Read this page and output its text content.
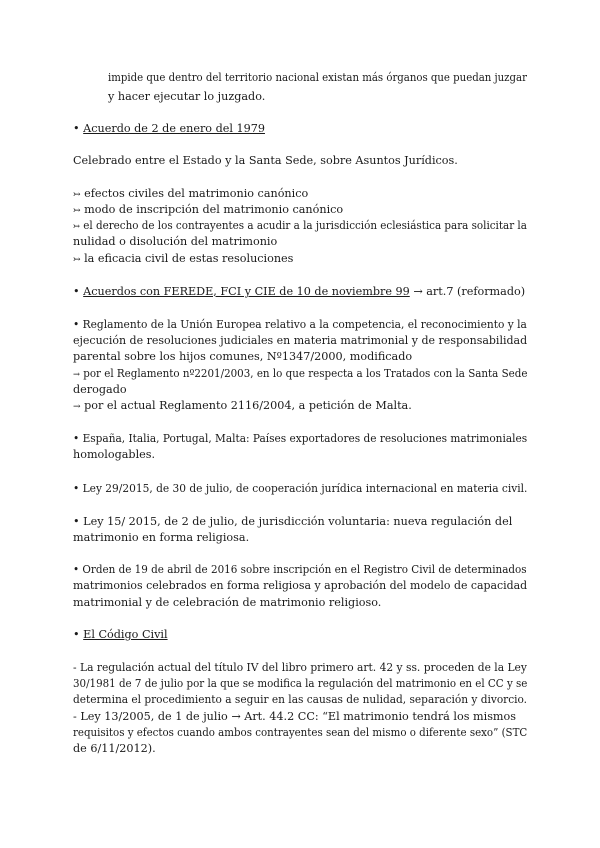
impide que dentro del territorio nacional existan más órganos que puedan juzgar
y hacer ejecutar lo juzgado.
• Acuerdo de 2 de enero del 1979
Celebrado entre el Estado y la Santa Sede, sobre Asuntos Jurídicos.
↣ efectos civiles del matrimonio canónico
↣ modo de inscripción del matrimonio canónico
↣ el derecho de los contrayentes a acudir a la jurisdicción eclesiástica para solicitar la
nulidad o disolución del matrimonio
↣ la eficacia civil de estas resoluciones
• Acuerdos con FEREDE, FCI y CIE de 10 de noviembre 99 → art.7 (reformado)
• Reglamento de la Unión Europea relativo a la competencia, el reconocimiento y la
ejecución de resoluciones judiciales en materia matrimonial y de responsabilidad
parental sobre los hijos comunes, Nº1347/2000, modificado
→ por el Reglamento nº2201/2003, en lo que respecta a los Tratados con la Santa Sede
derogado
→ por el actual Reglamento 2116/2004, a petición de Malta.
• España, Italia, Portugal, Malta: Países exportadores de resoluciones matrimoniales
homologables.
• Ley 29/2015, de 30 de julio, de cooperación jurídica internacional en materia civil.
• Ley 15/ 2015, de 2 de julio, de jurisdicción voluntaria: nueva regulación del
matrimonio en forma religiosa.
• Orden de 19 de abril de 2016 sobre inscripción en el Registro Civil de determinados
matrimonios celebrados en forma religiosa y aprobación del modelo de capacidad
matrimonial y de celebración de matrimonio religioso.
• El Código Civil
- La regulación actual del título IV del libro primero art. 42 y ss. proceden de la Ley
30/1981 de 7 de julio por la que se modifica la regulación del matrimonio en el CC y se
determina el procedimiento a seguir en las causas de nulidad, separación y divorcio.
- Ley 13/2005, de 1 de julio → Art. 44.2 CC: “El matrimonio tendrá los mismos
requisitos y efectos cuando ambos contrayentes sean del mismo o diferente sexo” (STC
de 6/11/2012).
